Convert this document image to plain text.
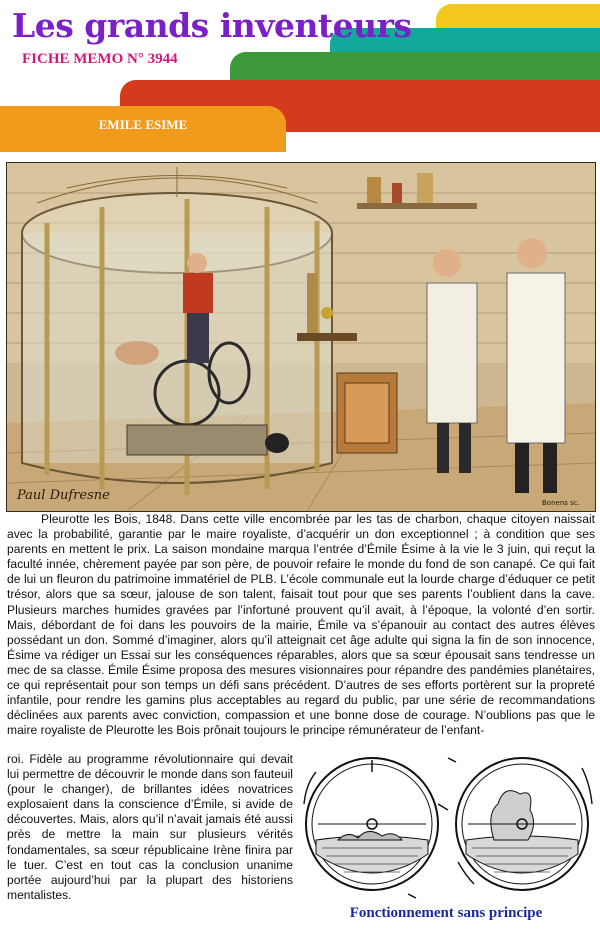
Les grands inventeurs
FICHE MEMO N° 3944
EMILE ESIME
Paul Dufresne	Bonens sc.

Pleurotte les Bois, 1848. Dans cette ville encombrée par les tas de charbon, chaque citoyen naissait avec la probabilité, garantie par le maire royaliste, d’acquérir un don exceptionnel ; à condition que ses parents en mettent le prix. La saison mondaine marqua l’entrée d’Émile Ésime à la vie le 3 juin, qui reçut la faculté innée, chèrement payée par son père, de pouvoir refaire le monde du fond de son canapé. Ce qui fait de lui un fleuron du patrimoine immatériel de PLB. L’école communale eut la lourde charge d’éduquer ce petit trésor, alors que sa sœur, jalouse de son talent, faisait tout pour que ses parents l’oublient dans la cave. Plusieurs marches humides gravées par l’infortuné prouvent qu’il avait, à l’époque, la volonté d’en sortir. Mais, débordant de foi dans les pouvoirs de la mairie, Émile va s’épanouir au contact des autres élèves possédant un don. Sommé d’imaginer, alors qu’il atteignait cet âge adulte qui signa la fin de son innocence, Ésime va rédiger un Essai sur les conséquences réparables, alors que sa sœur épousait sans tendresse un mec de sa classe. Émile Ésime proposa des mesures visionnaires pour répandre des pandémies planétaires, ce qui représentait pour son temps un défi sans précédent. D’autres de ses efforts portèrent sur la propreté infantile, pour rendre les gamins plus acceptables au regard du public, par une série de recommandations déclinées aux parents avec conviction, compassion et une bonne dose de courage. N’oublions pas que le maire royaliste de Pleurotte les Bois prônait toujours le principe rémunérateur de l’enfant-

roi. Fidèle au programme révolutionnaire qui devait lui permettre de découvrir le monde dans son fauteuil (pour le changer), de brillantes idées novatrices explosaient dans la conscience d’Émile, si avide de découvertes. Mais, alors qu’il n’avait jamais été aussi près de mettre la main sur plusieurs vérités fondamentales, sa sœur républicaine Irène finira par le tuer. C’est en tout cas la conclusion unanime portée aujourd’hui par la plupart des historiens mentalistes.

Fonctionnement sans principe
